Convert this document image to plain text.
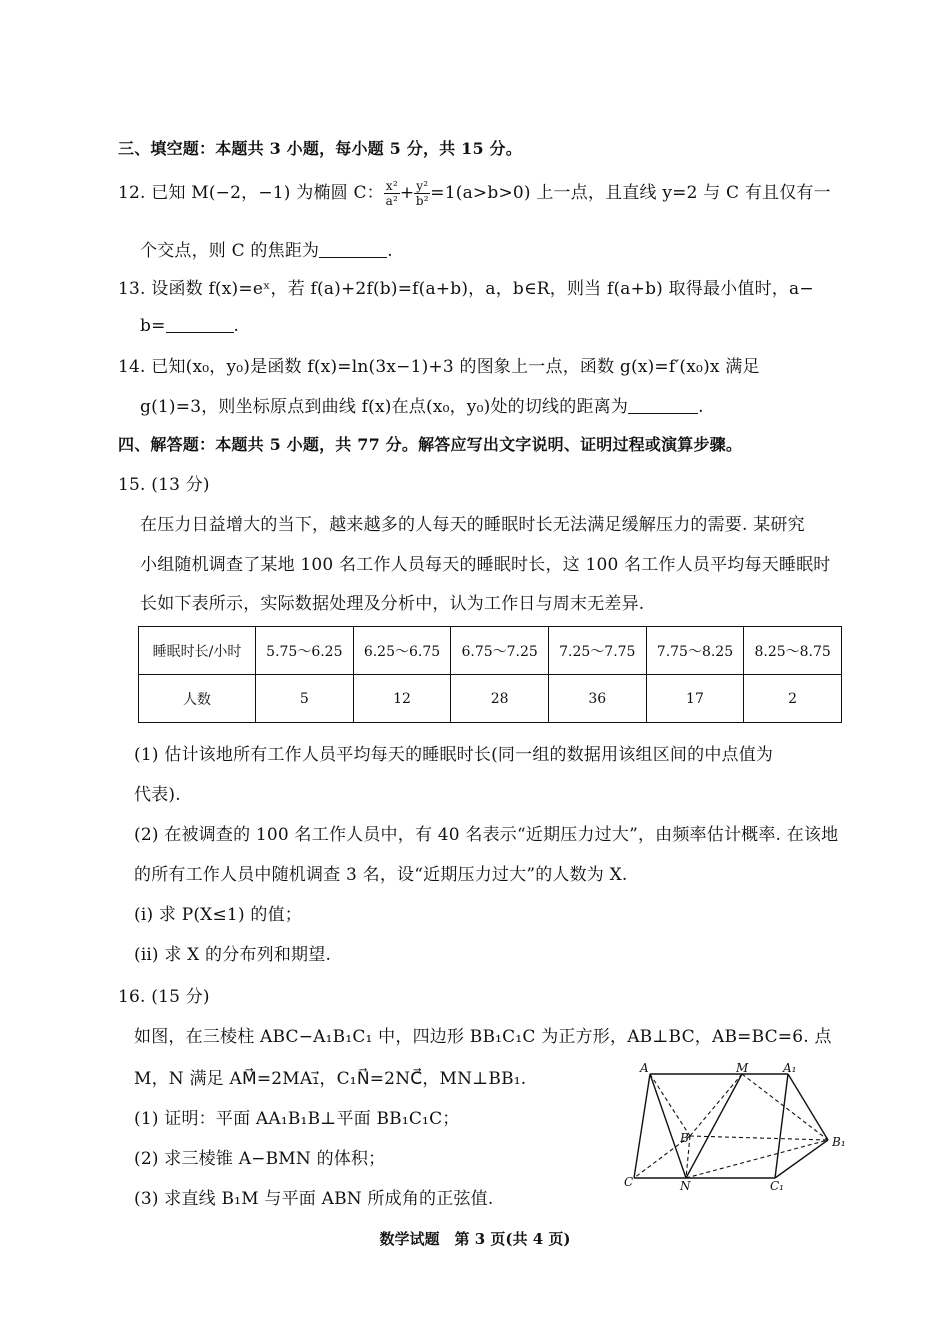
三、填空题：本题共 3 小题，每小题 5 分，共 15 分。
12. 已知 M(−2，−1) 为椭圆 C： $\frac{\text{x²}}{\text{a²}} + \frac{\text{y²}}{\text{b²}} =1(a>b>0)$ 上一点，且直线 y=2 与 C 有且仅有一
个交点，则 C 的焦距为	.
13. 设函数 f(x)=eˣ，若 f(a)+2f(b)=f(a+b)，a，b∈R，则当 f(a+b) 取得最小值时，a−
b=	.
14. 已知(x₀，y₀)是函数 f(x)=ln(3x−1)+3 的图象上一点，函数 g(x)=f′(x₀)x 满足
g(1)=3，则坐标原点到曲线 f(x)在点(x₀，y₀)处的切线的距离为	.
四、解答题：本题共 5 小题，共 77 分。解答应写出文字说明、证明过程或演算步骤。
15. (13 分)
在压力日益增大的当下，越来越多的人每天的睡眠时长无法满足缓解压力的需要. 某研究
小组随机调查了某地 100 名工作人员每天的睡眠时长，这 100 名工作人员平均每天睡眠时
长如下表所示，实际数据处理及分析中，认为工作日与周末无差异.
睡眠时长/小时	5.75～6.25	6.25～6.75	6.75～7.25	7.25～7.75	7.75～8.25	8.25～8.75
人数	5	12	28	36	17	2
(1) 估计该地所有工作人员平均每天的睡眠时长(同一组的数据用该组区间的中点值为
代表).
(2) 在被调查的 100 名工作人员中，有 40 名表示“近期压力过大”，由频率估计概率. 在该地
的所有工作人员中随机调查 3 名，设“近期压力过大”的人数为 X.
(ⅰ) 求 P(X≤1) 的值；
(ⅱ) 求 X 的分布列和期望.
16. (15 分)
如图，在三棱柱 ABC−A₁B₁C₁ 中，四边形 BB₁C₁C 为正方形，AB⊥BC，AB=BC=6. 点
M，N 满足 AM⃗=2MA₁⃗，C₁N⃗=2NC⃗，MN⊥BB₁.
(1) 证明：平面 AA₁B₁B⊥平面 BB₁C₁C；
(2) 求三棱锥 A−BMN 的体积；
(3) 求直线 B₁M 与平面 ABN 所成角的正弦值.
A	M	A₁
B	B₁
C	N	C₁
数学试题　第 3 页(共 4 页)
